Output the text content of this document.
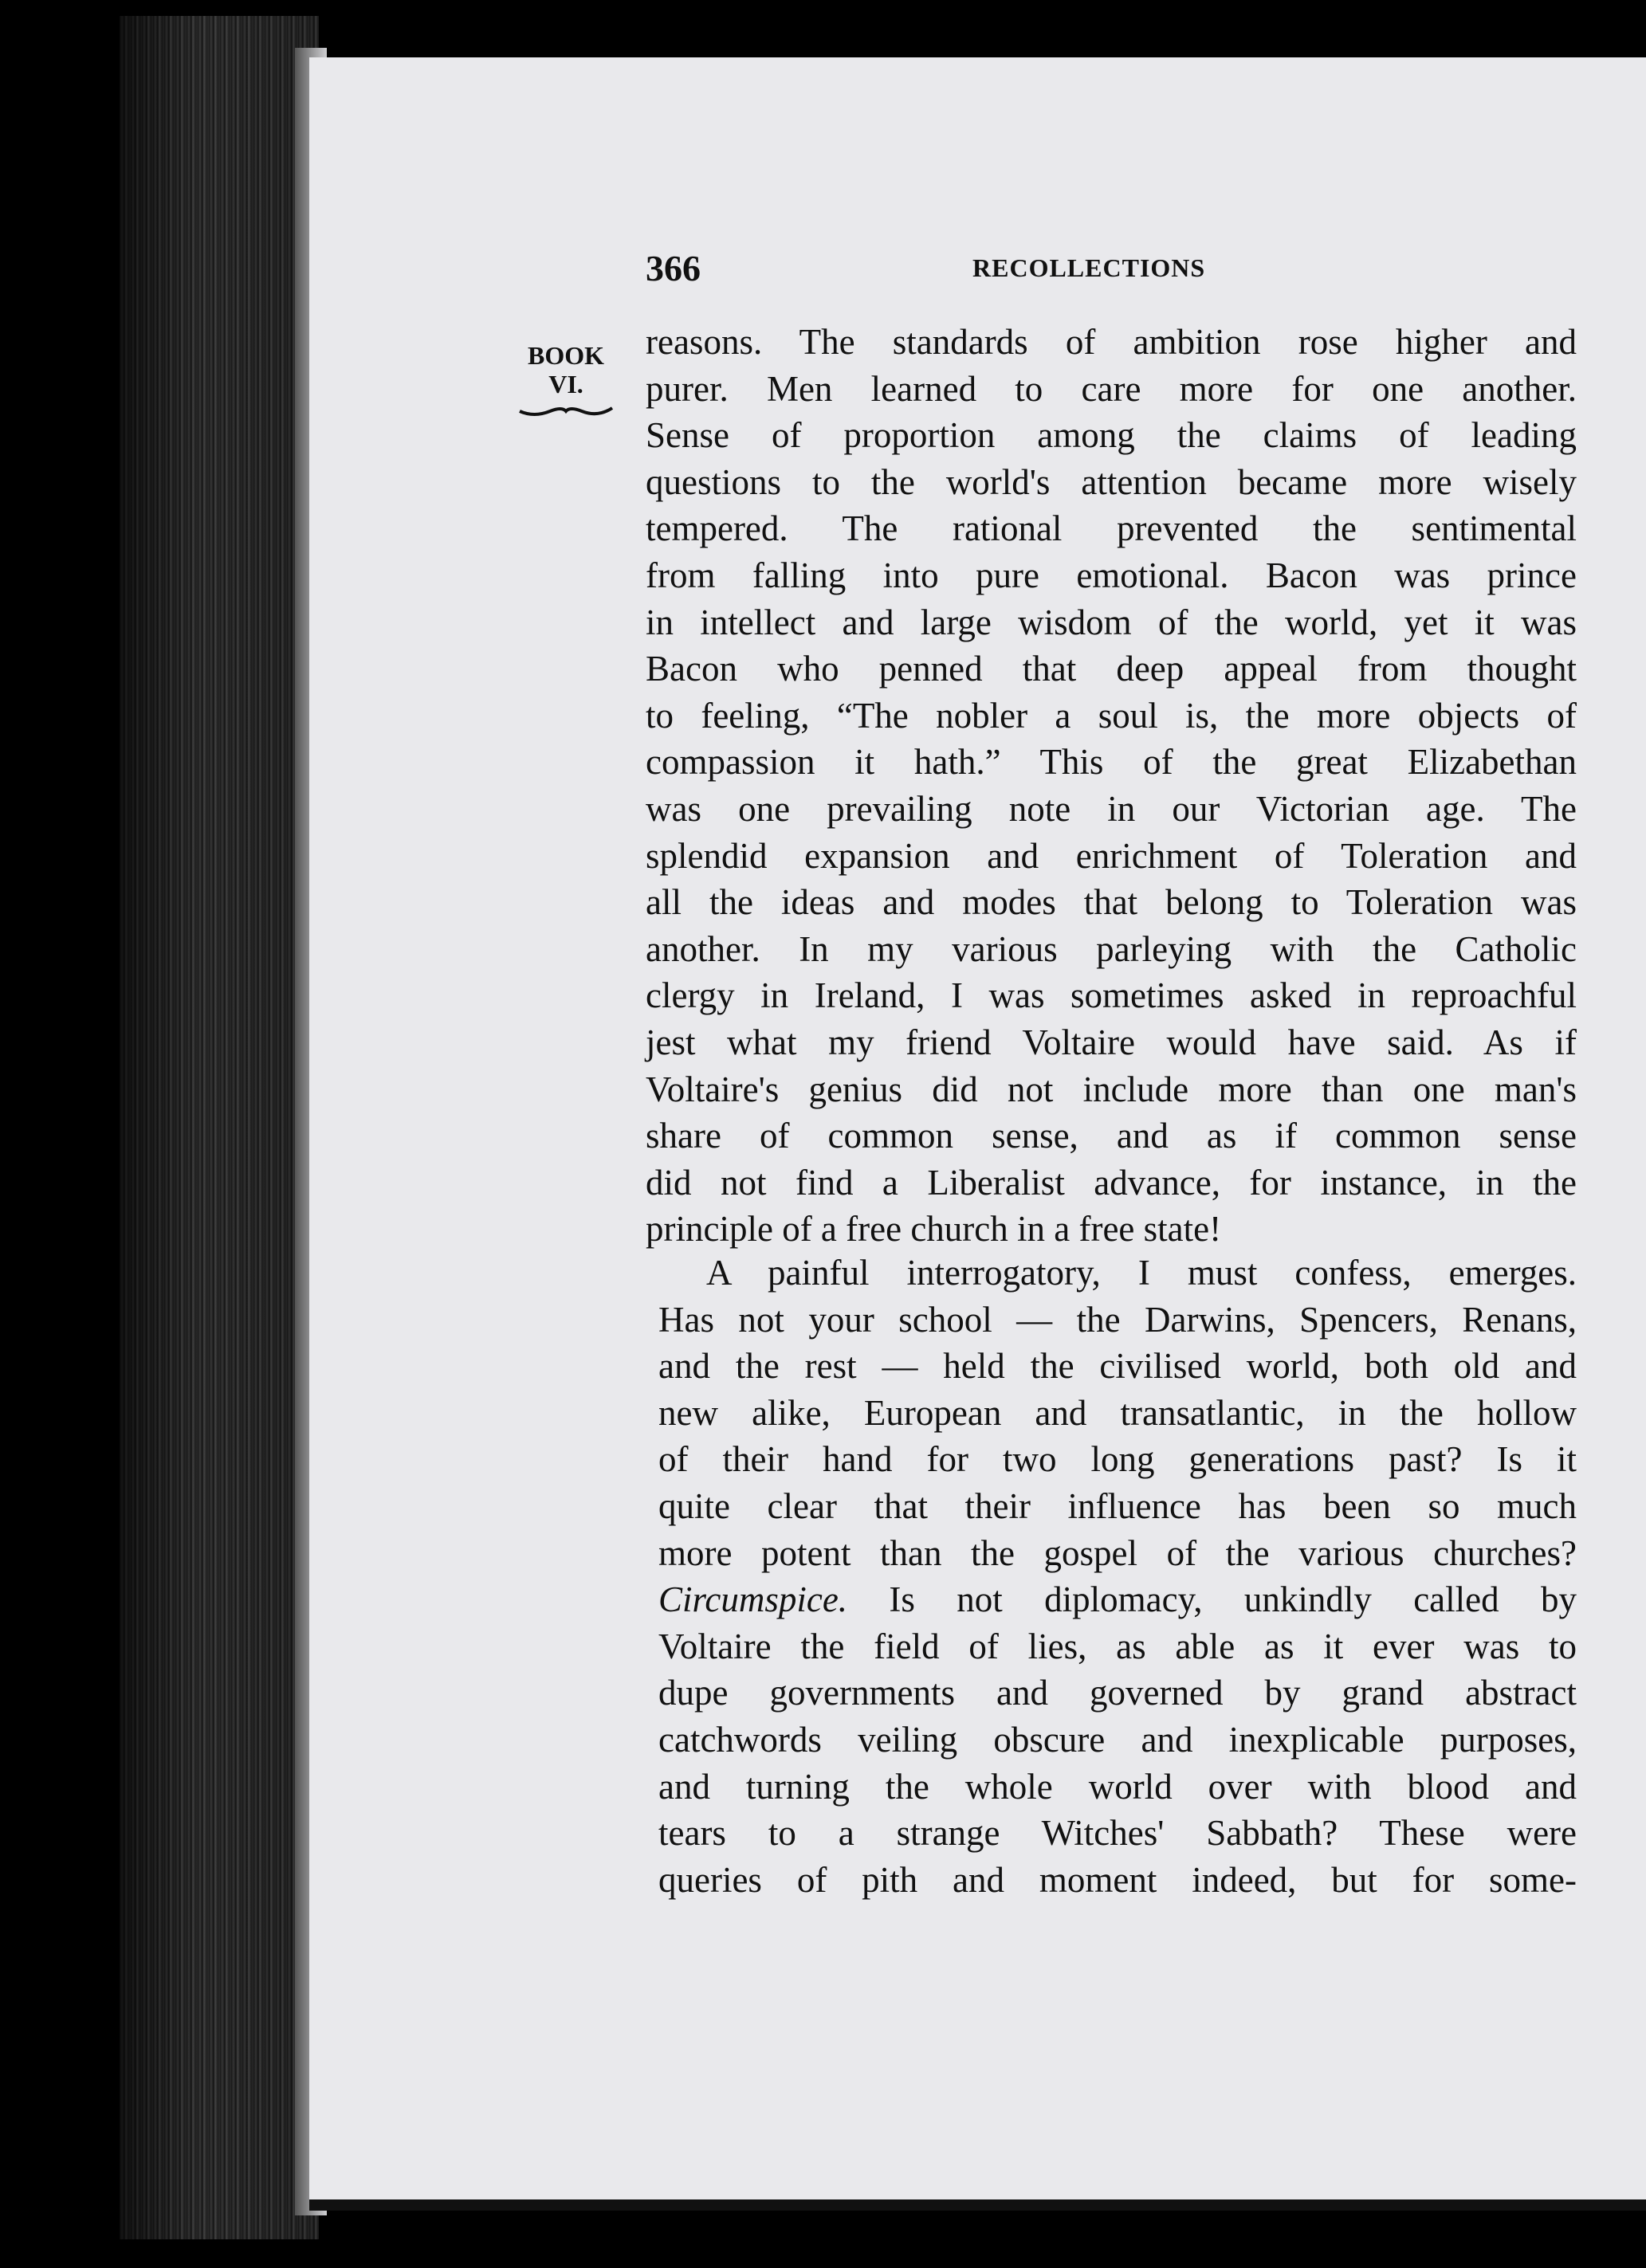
366	RECOLLECTIONS
BOOK
VI.
reasons. The standards of ambition rose higher and
purer. Men learned to care more for one another.
Sense of proportion among the claims of leading
questions to the world's attention became more wisely
tempered. The rational prevented the sentimental
from falling into pure emotional. Bacon was prince
in intellect and large wisdom of the world, yet it was
Bacon who penned that deep appeal from thought
to feeling, “The nobler a soul is, the more objects of
compassion it hath.” This of the great Elizabethan
was one prevailing note in our Victorian age. The
splendid expansion and enrichment of Toleration and
all the ideas and modes that belong to Toleration was
another. In my various parleying with the Catholic
clergy in Ireland, I was sometimes asked in reproachful
jest what my friend Voltaire would have said. As if
Voltaire's genius did not include more than one man's
share of common sense, and as if common sense
did not find a Liberalist advance, for instance, in the
principle of a free church in a free state!
A painful interrogatory, I must confess, emerges.
Has not your school — the Darwins, Spencers, Renans,
and the rest — held the civilised world, both old and
new alike, European and transatlantic, in the hollow
of their hand for two long generations past? Is it
quite clear that their influence has been so much
more potent than the gospel of the various churches?
Circumspice. Is not diplomacy, unkindly called by
Voltaire the field of lies, as able as it ever was to
dupe governments and governed by grand abstract
catchwords veiling obscure and inexplicable purposes,
and turning the whole world over with blood and
tears to a strange Witches' Sabbath? These were
queries of pith and moment indeed, but for some-
